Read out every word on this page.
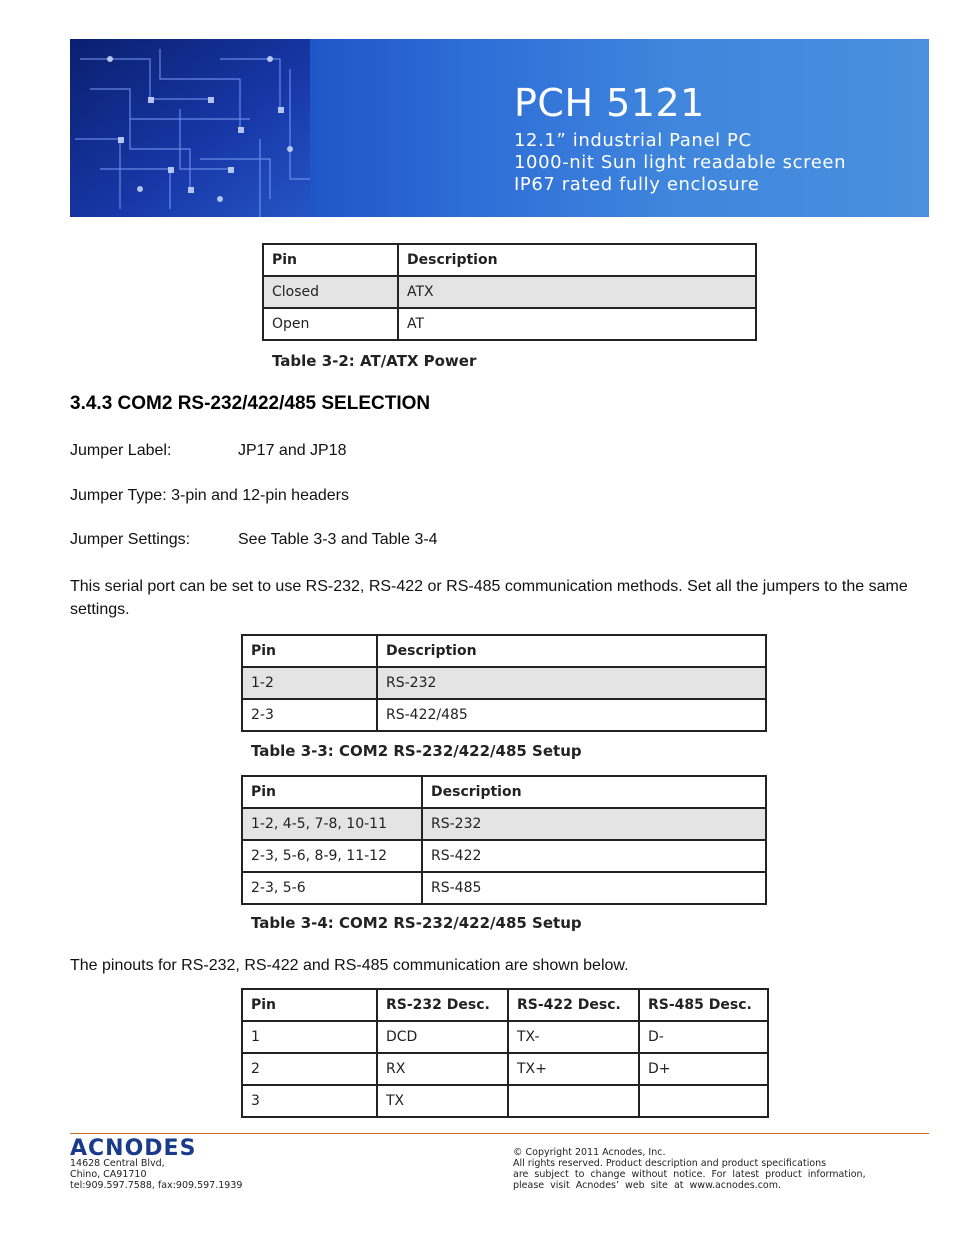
PCH 5121
12.1” industrial Panel PC
1000-nit Sun light readable screen
IP67 rated fully enclosure
Pin	Description
Closed	ATX
Open	AT
Table 3-2: AT/ATX Power
3.4.3 COM2 RS-232/422/485 SELECTION
Jumper Label:	JP17 and JP18
Jumper Type: 3-pin and 12-pin headers
Jumper Settings:	See Table 3-3 and Table 3-4
This serial port can be set to use RS-232, RS-422 or RS-485 communication methods. Set all the jumpers to the same settings.
Pin	Description
1-2	RS-232
2-3	RS-422/485
Table 3-3: COM2 RS-232/422/485 Setup
Pin	Description
1-2, 4-5, 7-8, 10-11	RS-232
2-3, 5-6, 8-9, 11-12	RS-422
2-3, 5-6	RS-485
Table 3-4: COM2 RS-232/422/485 Setup
The pinouts for RS-232, RS-422 and RS-485 communication are shown below.
Pin	RS-232 Desc.	RS-422 Desc.	RS-485 Desc.
1	DCD	TX-	D-
2	RX	TX+	D+
3	TX		
ACNODES
14628 Central Blvd,
Chino, CA91710
tel:909.597.7588, fax:909.597.1939
© Copyright 2011 Acnodes, Inc.
All rights reserved. Product description and product specifications
are  subject  to  change  without  notice.  For  latest  product  information,
please  visit  Acnodes’  web  site  at  www.acnodes.com.
